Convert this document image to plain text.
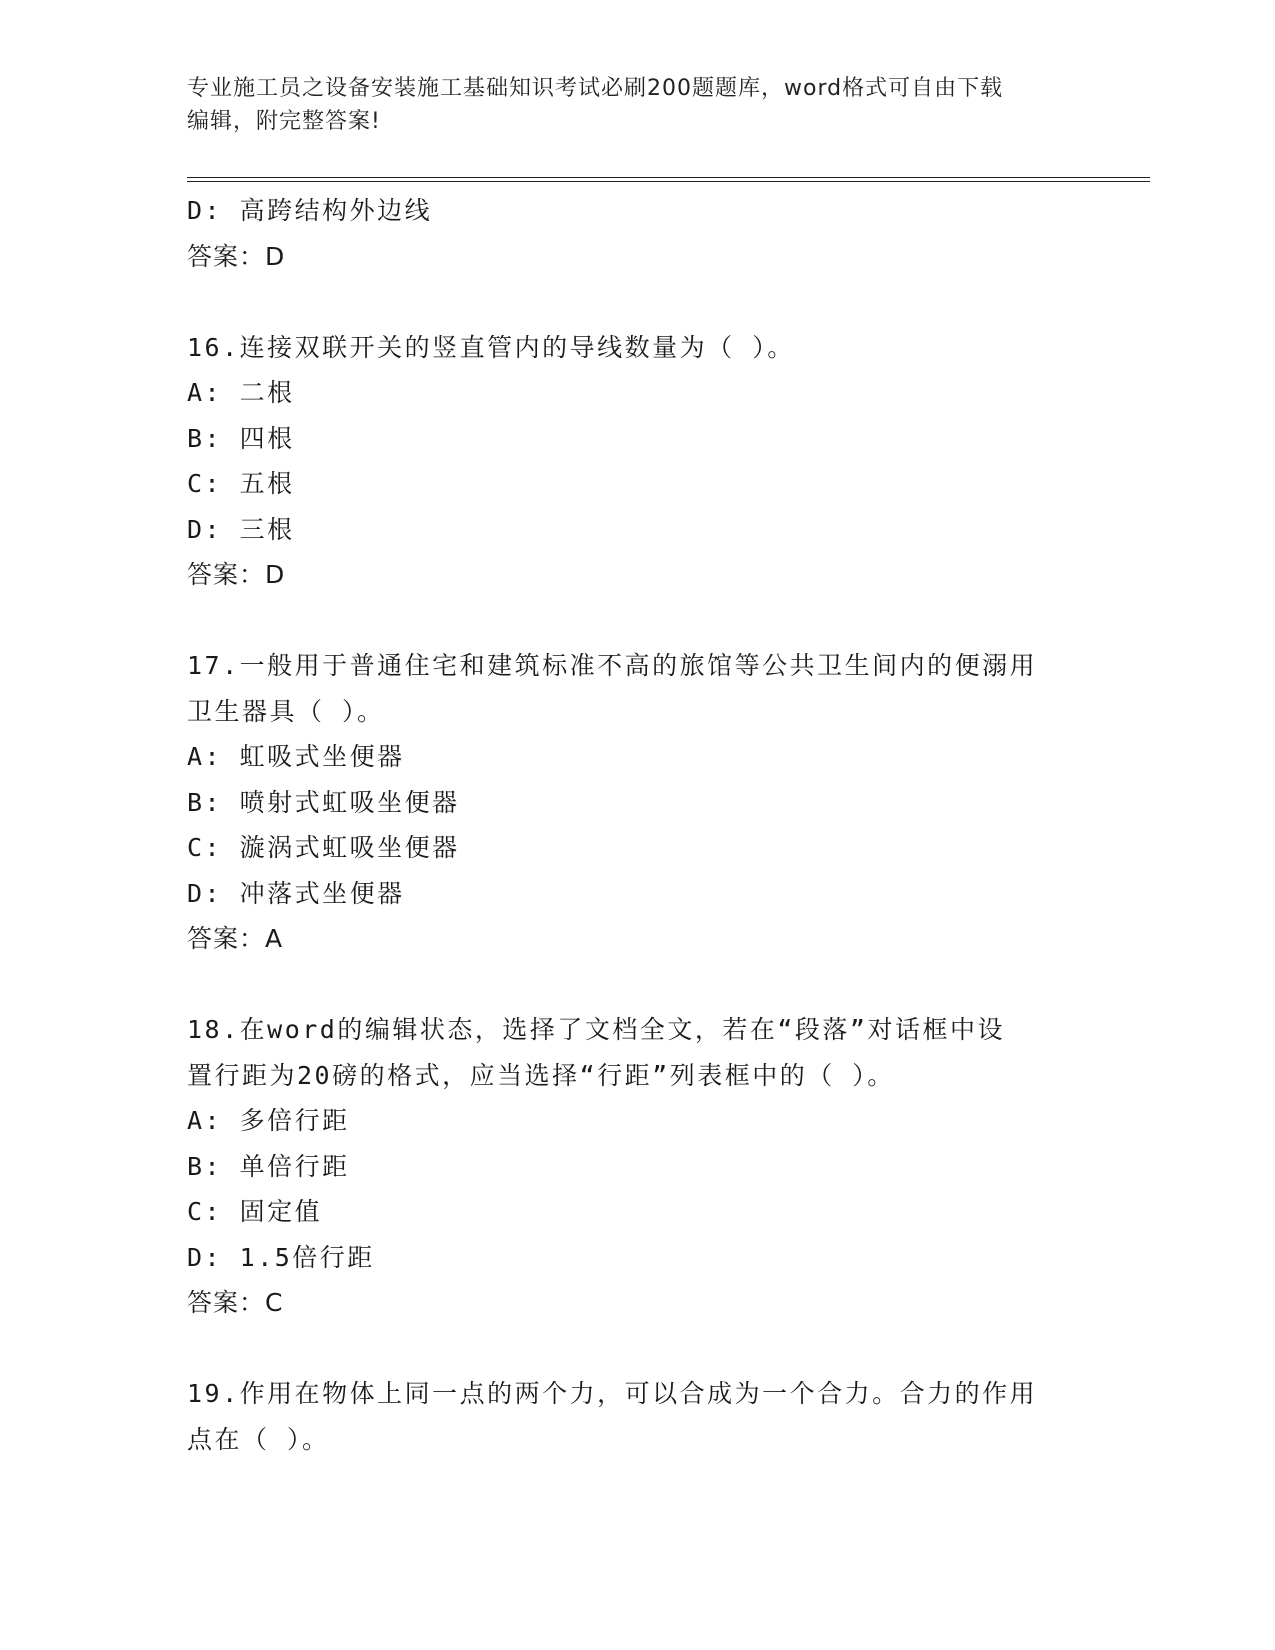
专业施工员之设备安装施工基础知识考试必刷200题题库，word格式可自由下载
编辑，附完整答案!
D: 高跨结构外边线
答案：D
16.连接双联开关的竖直管内的导线数量为（ ）。
A: 二根
B: 四根
C: 五根
D: 三根
答案：D
17.一般用于普通住宅和建筑标准不高的旅馆等公共卫生间内的便溺用
卫生器具（ ）。
A: 虹吸式坐便器
B: 喷射式虹吸坐便器
C: 漩涡式虹吸坐便器
D: 冲落式坐便器
答案：A
18.在word的编辑状态，选择了文档全文，若在“段落”对话框中设
置行距为20磅的格式，应当选择“行距”列表框中的（ ）。
A: 多倍行距
B: 单倍行距
C: 固定值
D: 1.5倍行距
答案：C
19.作用在物体上同一点的两个力，可以合成为一个合力。合力的作用
点在（ ）。
